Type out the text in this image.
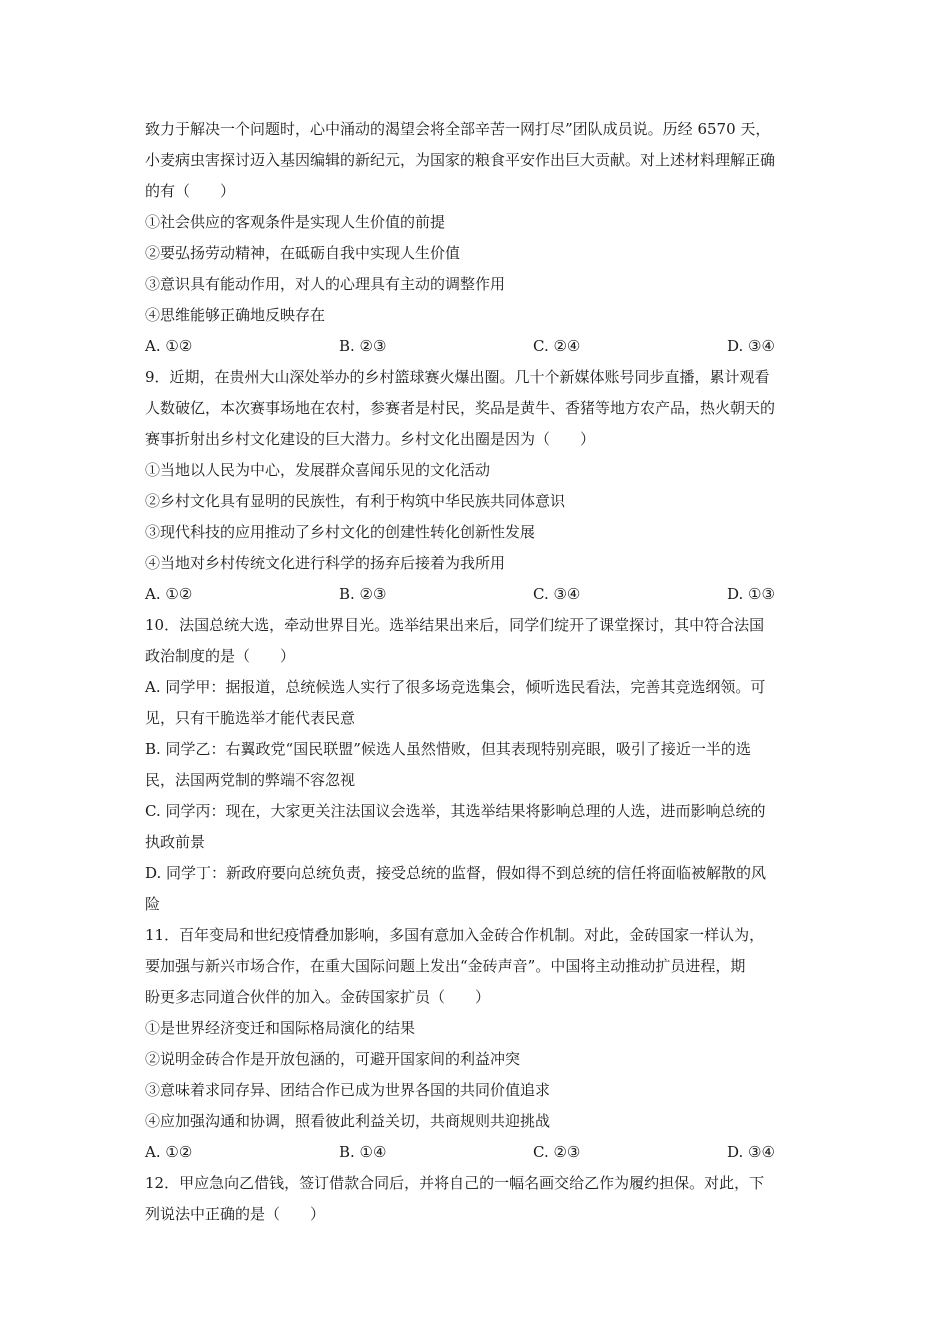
致力于解决一个问题时，心中涌动的渴望会将全部辛苦一网打尽”团队成员说。历经 6570 天，
小麦病虫害探讨迈入基因编辑的新纪元，为国家的粮食平安作出巨大贡献。对上述材料理解正确
的有（　　）
①社会供应的客观条件是实现人生价值的前提
②要弘扬劳动精神，在砥砺自我中实现人生价值
③意识具有能动作用，对人的心理具有主动的调整作用
④思维能够正确地反映存在
A. ①②	B. ②③	C. ②④	D. ③④
9．近期，在贵州大山深处举办的乡村篮球赛火爆出圈。几十个新媒体账号同步直播，累计观看
人数破亿，本次赛事场地在农村，参赛者是村民，奖品是黄牛、香猪等地方农产品，热火朝天的
赛事折射出乡村文化建设的巨大潜力。乡村文化出圈是因为（　　）
①当地以人民为中心，发展群众喜闻乐见的文化活动
②乡村文化具有显明的民族性，有利于构筑中华民族共同体意识
③现代科技的应用推动了乡村文化的创建性转化创新性发展
④当地对乡村传统文化进行科学的扬弃后接着为我所用
A. ①②	B. ②③	C. ③④	D. ①③
10．法国总统大选，牵动世界目光。选举结果出来后，同学们绽开了课堂探讨，其中符合法国
政治制度的是（　　）
A. 同学甲：据报道，总统候选人实行了很多场竞选集会，倾听选民看法，完善其竞选纲领。可
见，只有干脆选举才能代表民意
B. 同学乙：右翼政党“国民联盟”候选人虽然惜败，但其表现特别亮眼，吸引了接近一半的选
民，法国两党制的弊端不容忽视
C. 同学丙：现在，大家更关注法国议会选举，其选举结果将影响总理的人选，进而影响总统的
执政前景
D. 同学丁：新政府要向总统负责，接受总统的监督，假如得不到总统的信任将面临被解散的风
险
11．百年变局和世纪疫情叠加影响，多国有意加入金砖合作机制。对此，金砖国家一样认为，
要加强与新兴市场合作，在重大国际问题上发出“金砖声音”。中国将主动推动扩员进程，期
盼更多志同道合伙伴的加入。金砖国家扩员（　　）
①是世界经济变迁和国际格局演化的结果
②说明金砖合作是开放包涵的，可避开国家间的利益冲突
③意味着求同存异、团结合作已成为世界各国的共同价值追求
④应加强沟通和协调，照看彼此利益关切，共商规则共迎挑战
A. ①②	B. ①④	C. ②③	D. ③④
12．甲应急向乙借钱，签订借款合同后，并将自己的一幅名画交给乙作为履约担保。对此，下
列说法中正确的是（　　）
